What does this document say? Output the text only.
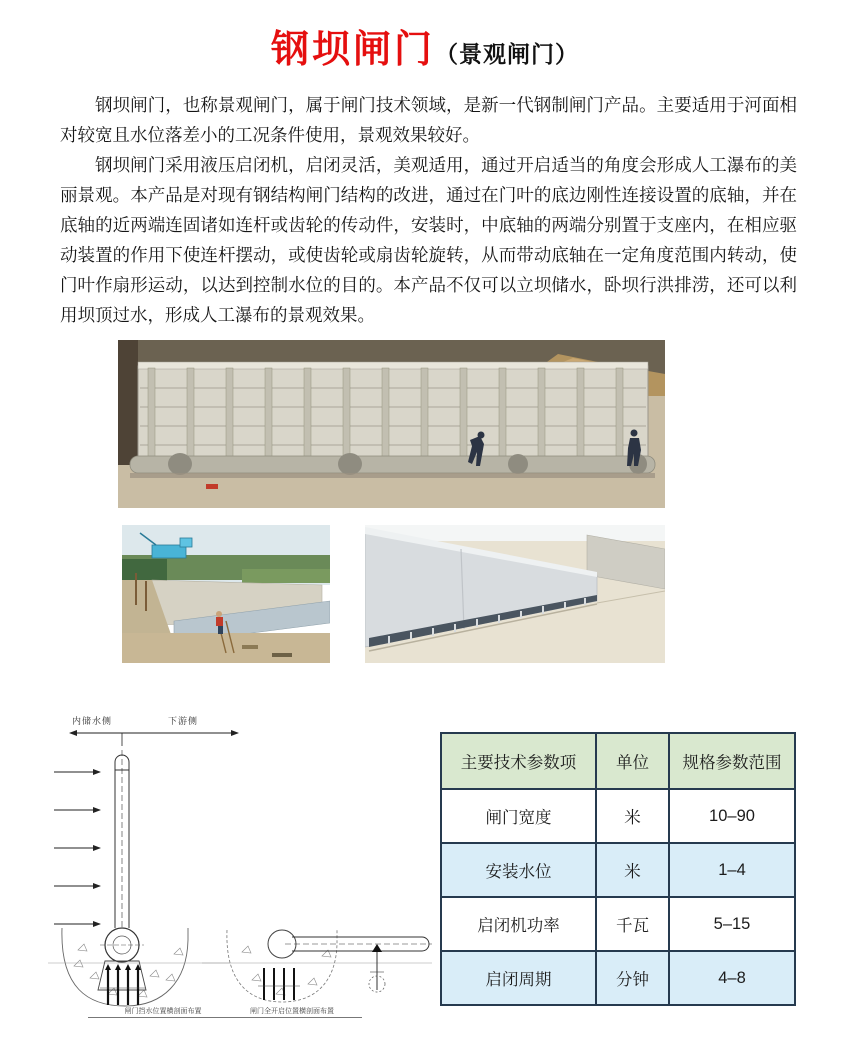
钢坝闸门（景观闸门）

钢坝闸门，也称景观闸门，属于闸门技术领域，是新一代钢制闸门产品。主要适用于河面相对较宽且水位落差小的工况条件使用，景观效果较好。

钢坝闸门采用液压启闭机，启闭灵活，美观适用，通过开启适当的角度会形成人工瀑布的美丽景观。本产品是对现有钢结构闸门结构的改进，通过在门叶的底边刚性连接设置的底轴，并在底轴的近两端连固诸如连杆或齿轮的传动件，安装时，中底轴的两端分别置于支座内，在相应驱动装置的作用下使连杆摆动，或使齿轮或扇齿轮旋转，从而带动底轴在一定角度范围内转动，使门叶作扇形运动，以达到控制水位的目的。本产品不仅可以立坝储水，卧坝行洪排涝，还可以利用坝顶过水，形成人工瀑布的景观效果。

内储水侧	下游侧
闸门挡水位置横剖面布置	闸门全开启位置横剖面布置
主要技术参数项	单位	规格参数范围
闸门宽度	米	10–90
安装水位	米	1–4
启闭机功率	千瓦	5–15
启闭周期	分钟	4–8
